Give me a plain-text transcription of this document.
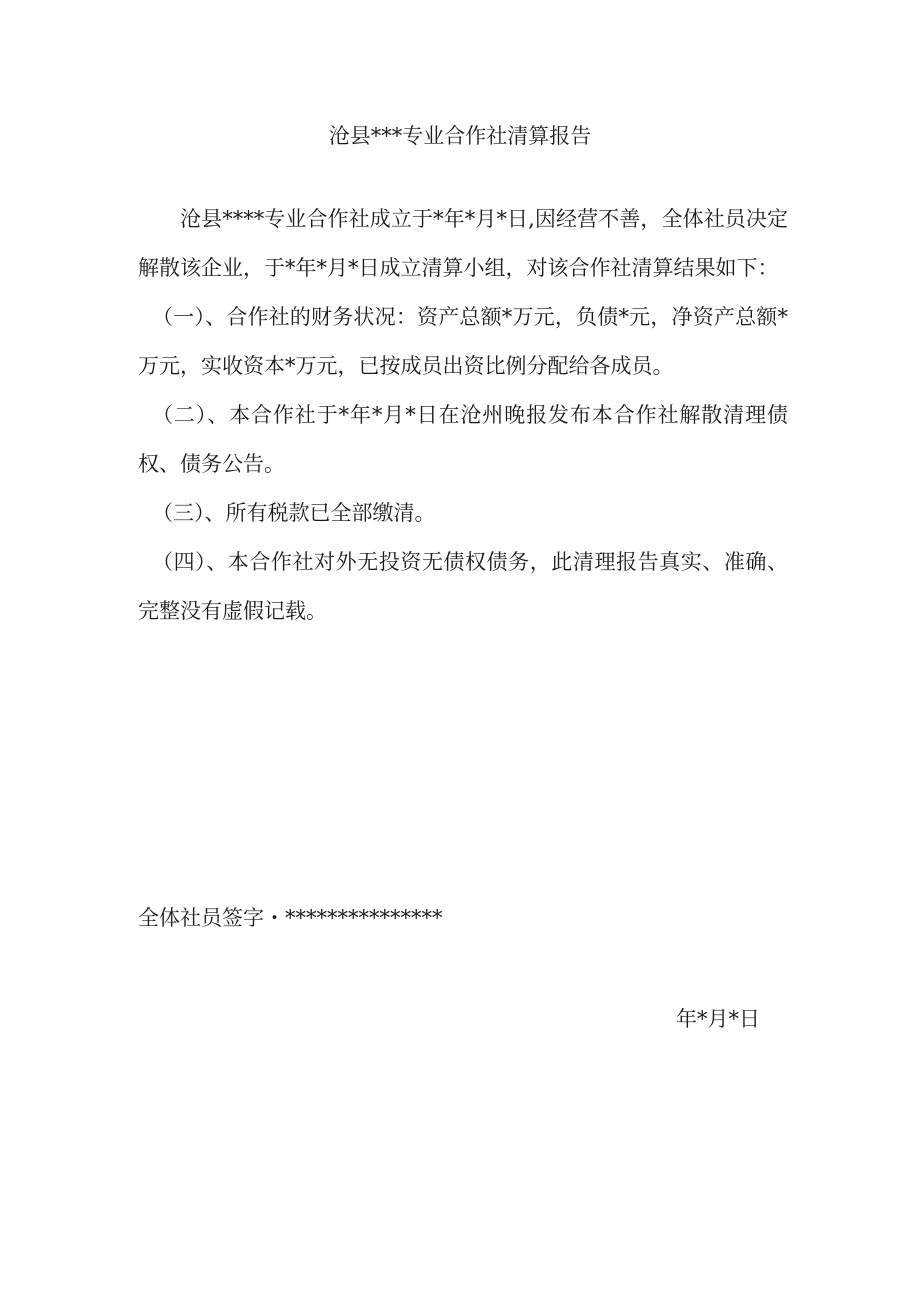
沧县***专业合作社清算报告

沧县****专业合作社成立于*年*月*日,因经营不善，全体社员决定解散该企业，于*年*月*日成立清算小组，对该合作社清算结果如下：

（一）、合作社的财务状况：资产总额*万元，负债*元，净资产总额*万元，实收资本*万元，已按成员出资比例分配给各成员。

（二）、本合作社于*年*月*日在沧州晚报发布本合作社解散清理债权、债务公告。

（三）、所有税款已全部缴清。

（四）、本合作社对外无投资无债权债务，此清理报告真实、准确、完整没有虚假记载。

全体社员签字・***************
年*月*日
